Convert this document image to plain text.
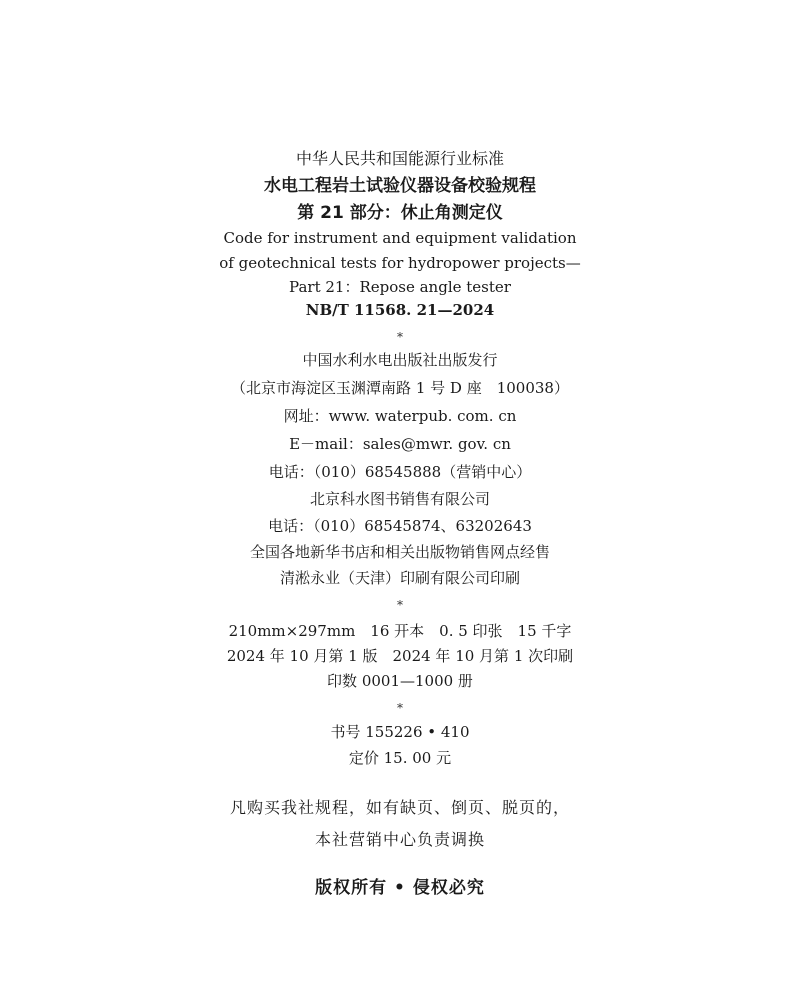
中华人民共和国能源行业标准
水电工程岩土试验仪器设备校验规程
第 21 部分：休止角测定仪
Code for instrument and equipment validation
of geotechnical tests for hydropower projects—
Part 21：Repose angle tester
NB/T 11568. 21—2024
*
中国水利水电出版社出版发行
（北京市海淀区玉渊潭南路 1 号 D 座　100038）
网址：www. waterpub. com. cn
E－mail：sales@mwr. gov. cn
电话：（010）68545888（营销中心）
北京科水图书销售有限公司
电话：（010）68545874、63202643
全国各地新华书店和相关出版物销售网点经售
清淞永业（天津）印刷有限公司印刷
*
210mm×297mm　16 开本　0. 5 印张　15 千字
2024 年 10 月第 1 版　2024 年 10 月第 1 次印刷
印数 0001—1000 册
*
书号 155226 • 410
定价 15. 00 元
凡购买我社规程，如有缺页、倒页、脱页的，
本社营销中心负责调换
版权所有 • 侵权必究
